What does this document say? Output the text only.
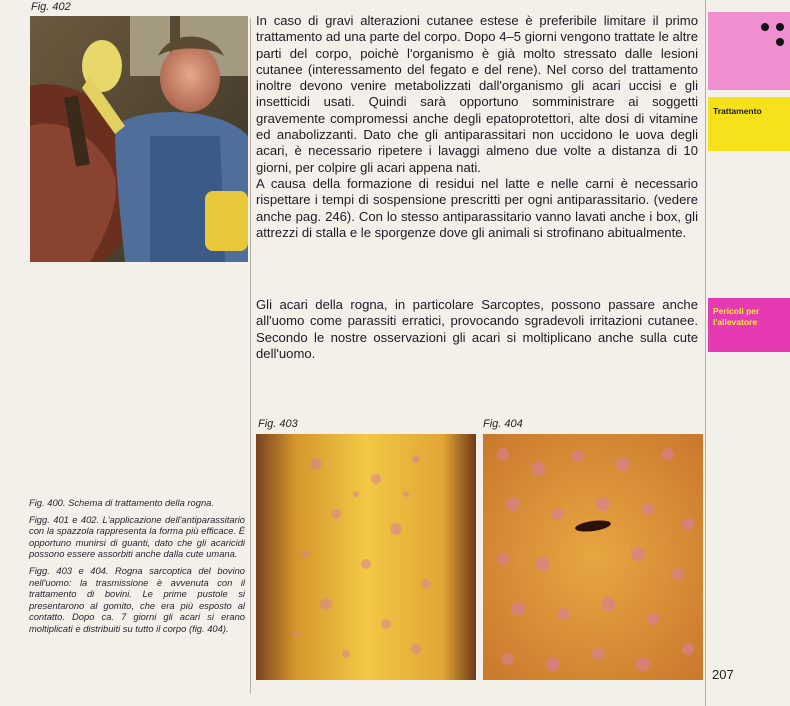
Fig. 402
In caso di gravi alterazioni cutanee estese è preferibile limitare il primo trattamento ad una parte del corpo. Dopo 4–5 giorni vengono trattate le altre parti del corpo, poichè l'organismo è già molto stressato dalle lesioni cutanee (interessamento del fegato e del rene). Nel corso del trattamento inoltre devono venire metabolizzati dall'organismo gli acari uccisi e gli insetticidi usati. Quindi sarà opportuno somministrare ai soggetti gravemente compromessi anche degli epatoprotettori, alte dosi di vitamine ed anabolizzanti. Dato che gli antiparassitari non uccidono le uova degli acari, è necessario ripetere i lavaggi almeno due volte a distanza di 10 giorni, per colpire gli acari appena nati.
A causa della formazione di residui nel latte e nelle carni è necessario rispettare i tempi di sospensione prescritti per ogni antiparassitario. (vedere anche pag. 246). Con lo stesso antiparassitario vanno lavati anche i box, gli attrezzi di stalla e le sporgenze dove gli animali si strofinano abitualmente.
Gli acari della rogna, in particolare Sarcoptes, possono passare anche all'uomo come parassiti erratici, provocando sgradevoli irritazioni cutanee. Secondo le nostre osservazioni gli acari si moltiplicano anche sulla cute dell'uomo.
Fig. 403	Fig. 404

Fig. 400. Schema di trattamento della rogna.

Figg. 401 e 402. L'applicazione dell'antiparassitario con la spazzola rappresenta la forma più efficace. È opportuno munirsi di guanti, dato che gli acaricidi possono essere assorbiti anche dalla cute umana.

Figg. 403 e 404. Rogna sarcoptica del bovino nell'uomo: la trasmissione è avvenuta con il trattamento di bovini. Le prime pustole si presentarono al gomito, che era più esposto al contatto. Dopo ca. 7 giorni gli acari si erano moltiplicati e distribuiti su tutto il corpo (fig. 404).

Trattamento
Pericoli per l'allevatore
207
